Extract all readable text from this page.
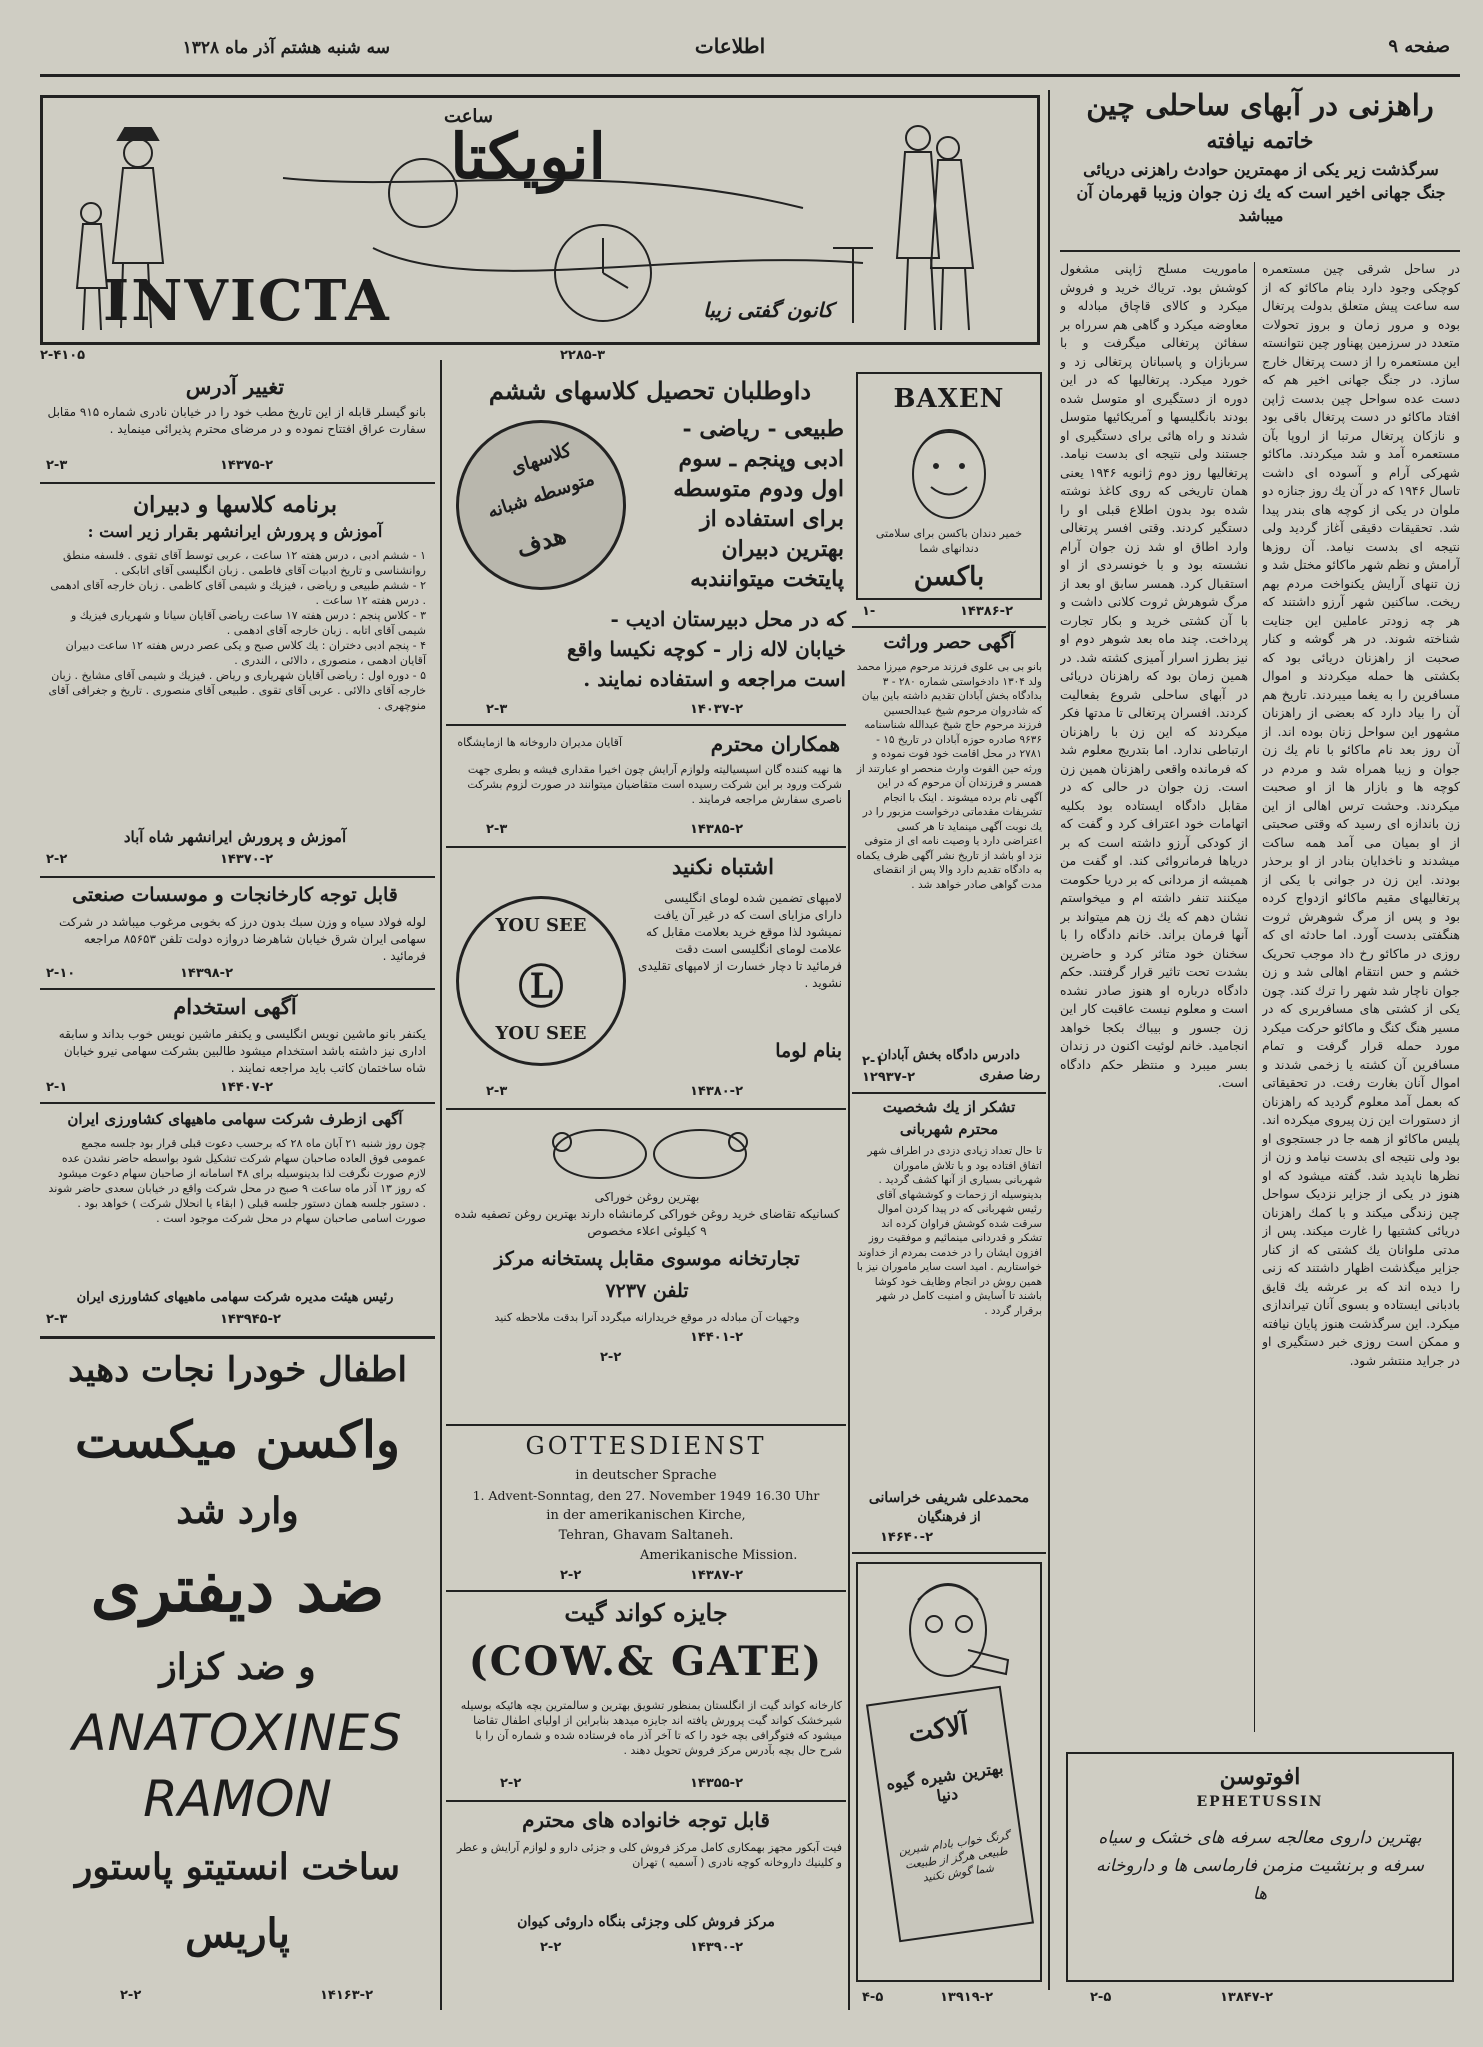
صفحه ۹
اطلاعات
سه شنبه هشتم آذر ماه ۱۳۲۸
انویکتا
ساعت
INVICTA	کانون گفتی زیبا
۲-۴۱۰۵	۲۲۸۵-۳
راهزنی در آبهای ساحلی چین
خاتمه نیافته
سرگذشت زیر یکی از مهمترین حوادث راهزنی دریائی جنگ جهانی اخیر است که یك زن جوان وزیبا قهرمان آن میباشد
در ساحل شرقی چین مستعمره کوچکی وجود دارد بنام ماکائو که از سه ساعت پیش متعلق بدولت پرتغال بوده و مرور زمان و بروز تحولات متعدد در سرزمین پهناور چین نتوانسته این مستعمره را از دست پرتغال خارج سازد. در جنگ جهانی اخیر هم که دست عده سواحل چین بدست ژاپن افتاد ماکائو در دست پرتغال باقی بود و نازکان پرتغال مرتبا از اروپا بآن مستعمره آمد و شد میکردند. ماکائو شهرکی آرام و آسوده ای داشت تاسال ۱۹۴۶ که در آن یك روز جنازه دو ملوان در یکی از کوچه های بندر پیدا شد. تحقیقات دقیقی آغاز گردید ولی نتیجه ای بدست نیامد. آن روزها آرامش و نظم شهر ماکائو مختل شد و زن تنهای آرایش یکنواخت مردم بهم ریخت. ساکنین شهر آرزو داشتند که هر چه زودتر عاملین این جنایت شناخته شوند. در هر گوشه و کنار صحبت از راهزنان دریائی بود که بکشتی ها حمله میکردند و اموال مسافرین را به یغما میبردند. تاریخ هم آن را بیاد دارد که بعضی از راهزنان مشهور این سواحل زنان بوده اند. از آن روز بعد نام ماکائو با نام یك زن جوان و زیبا همراه شد و مردم در کوچه ها و بازار ها از او صحبت میکردند. وحشت ترس اهالی از این زن باندازه ای رسید که وقتی صحبتی از او بمیان می آمد همه ساکت میشدند و ناخدایان بنادر از او برحذر بودند. این زن در جوانی با یکی از پرتغالیهای مقیم ماکائو ازدواج کرده بود و پس از مرگ شوهرش ثروت هنگفتی بدست آورد. اما حادثه ای که روزی در ماکائو رخ داد موجب تحریک خشم و حس انتقام اهالی شد و زن جوان ناچار شد شهر را ترك کند. چون یکی از کشتی های مسافربری که در مسیر هنگ کنگ و ماکائو حرکت میکرد مورد حمله قرار گرفت و تمام مسافرین آن کشته یا زخمی شدند و اموال آنان بغارت رفت. در تحقیقاتی که بعمل آمد معلوم گردید که راهزنان از دستورات این زن پیروی میکرده اند. پلیس ماکائو از همه جا در جستجوی او بود ولی نتیجه ای بدست نیامد و زن از نظرها ناپدید شد. گفته میشود که او هنوز در یکی از جزایر نزدیک سواحل چین زندگی میکند و با کمك راهزنان دریائی کشتیها را غارت میکند. پس از مدتی ملوانان یك کشتی که از کنار جزایر میگذشت اظهار داشتند که زنی را دیده اند که بر عرشه یك قایق بادبانی ایستاده و بسوی آنان تیراندازی میکرد. این سرگذشت هنوز پایان نیافته و ممکن است روزی خبر دستگیری او در جراید منتشر شود.
ماموریت مسلح ژاپنی مشغول کوشش بود. تریاك خرید و فروش میکرد و کالای قاچاق مبادله و معاوضه میکرد و گاهی هم سرراه بر سفائن پرتغالی میگرفت و با سربازان و پاسبانان پرتغالی زد و خورد میکرد. پرتغالیها که در این دوره از دستگیری او متوسل شده بودند بانگلیسها و آمریکائیها متوسل شدند و راه هائی برای دستگیری او جستند ولی نتیجه ای بدست نیامد. پرتغالیها روز دوم ژانویه ۱۹۴۶ یعنی همان تاریخی که روی کاغذ نوشته شده بود بدون اطلاع قبلی او را دستگیر کردند. وقتی افسر پرتغالی وارد اطاق او شد زن جوان آرام نشسته بود و با خونسردی از او استقبال کرد. همسر سابق او بعد از مرگ شوهرش ثروت کلانی داشت و با آن کشتی خرید و بکار تجارت پرداخت. چند ماه بعد شوهر دوم او نیز بطرز اسرار آمیزی کشته شد. در همین زمان بود که راهزنان دریائی در آبهای ساحلی شروع بفعالیت کردند. افسران پرتغالی تا مدتها فکر میکردند که این زن با راهزنان ارتباطی ندارد. اما بتدریج معلوم شد که فرمانده واقعی راهزنان همین زن است. زن جوان در حالی که در مقابل دادگاه ایستاده بود بکلیه اتهامات خود اعتراف کرد و گفت که از کودکی آرزو داشته است که بر دریاها فرمانروائی کند. او گفت من همیشه از مردانی که بر دریا حکومت میکنند تنفر داشته ام و میخواستم نشان دهم که یك زن هم میتواند بر آنها فرمان براند. خانم دادگاه را با سخنان خود متاثر کرد و حاضرین بشدت تحت تاثیر قرار گرفتند. حکم دادگاه درباره او هنوز صادر نشده است و معلوم نیست عاقبت کار این زن جسور و بیباك بکجا خواهد انجامید. خانم لوئیت اکنون در زندان بسر میبرد و منتظر حکم دادگاه است.
افوتوسن
EPHETUSSIN
بهترین داروی معالجه سرفه های خشک و سیاه سرفه و برنشیت مزمن فارماسی ها و داروخانه ها
۱۳۸۴۷-۲
۲-۵
تغییر آدرس
بانو گیسلر قابله از این تاریخ مطب خود را در خیابان نادری شماره ۹۱۵ مقابل سفارت عراق افتتاح نموده و در مرضای محترم پذیرائی مینماید .
۱۴۳۷۵-۲
۲-۳
برنامه کلاسها و دبیران
آموزش و پرورش ایرانشهر بقرار زیر است :
۱ - ششم ادبی ، درس هفته ۱۲ ساعت ، عربی توسط آقای تقوی . فلسفه منطق روانشناسی و تاریخ ادبیات آقای فاطمی . زبان انگلیسی آقای اتابکی .
۲ - ششم طبیعی و ریاضی ، فیزیك و شیمی آقای کاظمی . زبان خارجه آقای ادهمی . درس هفته ۱۲ ساعت .
۳ - کلاس پنجم : درس هفته ۱۷ ساعت ریاضی آقایان سیانا و شهریاری فیزیك و شیمی آقای اتابه . زبان خارجه آقای ادهمی .
۴ - پنجم ادبی دختران : یك کلاس صبح و یکی عصر درس هفته ۱۲ ساعت دبیران آقایان ادهمی ، منصوری ، دالائی ، الندری .
۵ - دوره اول : ریاضی آقایان شهریاری و ریاض . فیزیك و شیمی آقای مشایخ . زبان خارجه آقای دالائی . عربی آقای تقوی . طبیعی آقای منصوری . تاریخ و جغرافی آقای منوچهری .
آموزش و پرورش ایرانشهر شاه آباد
۱۴۳۷۰-۲
۲-۲
قابل توجه کارخانجات و موسسات صنعتی
لوله فولاد سیاه و وزن سبك بدون درز که بخوبی مرغوب میباشد در شرکت سهامی ایران شرق خیابان شاهرضا دروازه دولت تلفن ۸۵۶۵۳ مراجعه فرمائید .
۱۴۳۹۸-۲
۲-۱۰
آگهی استخدام
یکنفر بانو ماشین نویس انگلیسی و یکنفر ماشین نویس خوب بداند و سابقه اداری نیز داشته باشد استخدام میشود طالبین بشرکت سهامی نیرو خیابان شاه ساختمان کاتب باید مراجعه نمایند .
۱۴۴۰۷-۲
۲-۱
آگهی ازطرف شرکت سهامی ماهیهای کشاورزی ایران
چون روز شنبه ۲۱ آبان ماه ۲۸ که برحسب دعوت قبلی قرار بود جلسه مجمع عمومی فوق العاده صاحبان سهام شرکت تشکیل شود بواسطه حاضر نشدن عده لازم صورت نگرفت لذا بدینوسیله برای ۴۸ اسامانه از صاحبان سهام دعوت میشود که روز ۱۳ آذر ماه ساعت ۹ صبح در محل شرکت واقع در خیابان سعدی حاضر شوند . دستور جلسه همان دستور جلسه قبلی ( ابقاء یا انحلال شرکت ) خواهد بود . صورت اسامی صاحبان سهام در محل شرکت موجود است .
رئیس هیئت مدیره شرکت سهامی ماهیهای کشاورزی ایران
۱۴۳۹۴۵-۲
۲-۳
اطفال خودرا نجات دهید
واکسن میکست
وارد شد
ضد دیفتری
و ضد کزاز
ANATOXINES
RAMON
ساخت انستیتو پاستور
پاریس
۱۴۱۶۳-۲
۲-۲
داوطلبان تحصیل کلاسهای ششم
کلاسهای
متوسطه شبانه
هدف
طبیعی - ریاضی -
ادبی وپنجم ـ سوم
اول ودوم متوسطه
برای استفاده از
بهترین دبیران
پایتخت میتوانندبه
که در محل دبیرستان ادیب -
خیابان لاله زار - کوچه نکیسا واقع
است مراجعه و استفاده نمایند .
۱۴۰۳۷-۲
۲-۳
همکاران محترم
آقایان مدیران داروخانه ها ازمایشگاه
ها نهیه کننده گان اسپسیالیته ولوازم آرایش چون اخیرا مقداری فیشه و بطری جهت شرکت ورود بر این شرکت رسیده است متقاضیان میتوانند در صورت لزوم بشرکت ناصری سفارش مراجعه فرمایند .
۱۴۳۸۵-۲
۲-۳
اشتباه نکنید
YOU SEE
Ⓛ
YOU SEE
لامپهای تضمین شده لومای انگلیسی دارای مزایای است که در غیر آن یافت نمیشود لذا موقع خرید بعلامت مقابل که علامت لومای انگلیسی است دقت فرمائید تا دچار خسارت از لامپهای تقلیدی نشوید .
بنام لوما
۱۴۳۸۰-۲
۲-۳
بهترین روغن خوراکی
کسانیکه تقاضای خرید روغن خوراکی کرمانشاه دارند بهترین روغن تصفیه شده ۹ کیلوئی اعلاء مخصوص
تجارتخانه موسوی مقابل پستخانه مرکز
تلفن ۷۲۳۷
وجهیات آن مبادله در موقع خریدارانه میگردد آنرا بدقت ملاحظه کنید
۱۴۴۰۱-۲
۲-۲
GOTTESDIENST
in deutscher Sprache
1. Advent-Sonntag, den 27. November 1949 16.30 Uhr
in der amerikanischen Kirche,
Tehran, Ghavam Saltaneh.
Amerikanische Mission.
۱۴۳۸۷-۲
۲-۲
جایزه کواند گیت
(COW.& GATE)
کارخانه کواند گیت از انگلستان بمنظور تشویق بهترین و سالمترین بچه هائیکه بوسیله شیرخشک کواند گیت پرورش یافته اند جایزه میدهد بنابراین از اولیای اطفال تقاضا میشود که فتوگرافی بچه خود را که تا آخر آذر ماه فرستاده شده و شماره آن را با شرح حال بچه بآدرس مرکز فروش تحویل دهند .
۱۴۳۵۵-۲
۲-۲
قابل توجه خانواده های محترم
فیت آبکور مجهز بهمکاری کامل مرکز فروش کلی و جزئی دارو و لوازم آرایش و عطر و کلینیك داروخانه کوچه نادری ( آسمیه ) تهران
مرکز فروش کلی وجزئی بنگاه داروئی کیوان
۱۴۳۹۰-۲
۲-۲
BAXEN
خمیر دندان باکسن برای سلامتی دندانهای شما
باکسن
۱۴۳۸۶-۲
۱-
آگهی حصر وراثت
بانو بی بی علوی فرزند مرحوم میرزا محمد ولد ۱۳۰۴ دادخواستی شماره ۲۸۰ - ۳ بدادگاه بخش آبادان تقدیم داشته باین بیان که شادروان مرحوم شیخ عبدالحسین فرزند مرحوم حاج شیخ عبدالله شناسنامه ۹۶۳۶ صادره حوزه آبادان در تاریخ ۱۵ - ۲۷۸۱ در محل اقامت خود فوت نموده و ورثه حین الفوت وارث منحصر او عبارتند از همسر و فرزندان آن مرحوم که در این آگهی نام برده میشوند . اینک با انجام تشریفات مقدماتی درخواست مزبور را در یك نوبت آگهی مینماید تا هر کسی اعتراضی دارد یا وصیت نامه ای از متوفی نزد او باشد از تاریخ نشر آگهی ظرف یکماه به دادگاه تقدیم دارد والا پس از انقضای مدت گواهی صادر خواهد شد .
دادرس دادگاه بخش آبادان
رضا صفری
۱۲۹۳۷-۲
۲-۱
تشکر از یك شخصیت
محترم شهربانی
تا حال تعداد زیادی دزدی در اطراف شهر اتفاق افتاده بود و با تلاش ماموران شهربانی بسیاری از آنها کشف گردید . بدینوسیله از زحمات و کوششهای آقای رئیس شهربانی که در پیدا کردن اموال سرقت شده کوشش فراوان کرده اند تشکر و قدردانی مینمائیم و موفقیت روز افزون ایشان را در خدمت بمردم از خداوند خواستاریم . امید است سایر ماموران نیز با همین روش در انجام وظایف خود کوشا باشند تا آسایش و امنیت کامل در شهر برقرار گردد .
محمدعلی شریفی خراسانی
از فرهنگیان
۱۴۶۴۰-۲
آلاکت
بهترین شیره گیوه دنیا
گرنگ خواب بادام شیرین طبیعی هرگز از طبیعت شما گوش نکنید
۱۳۹۱۹-۲
۴-۵
